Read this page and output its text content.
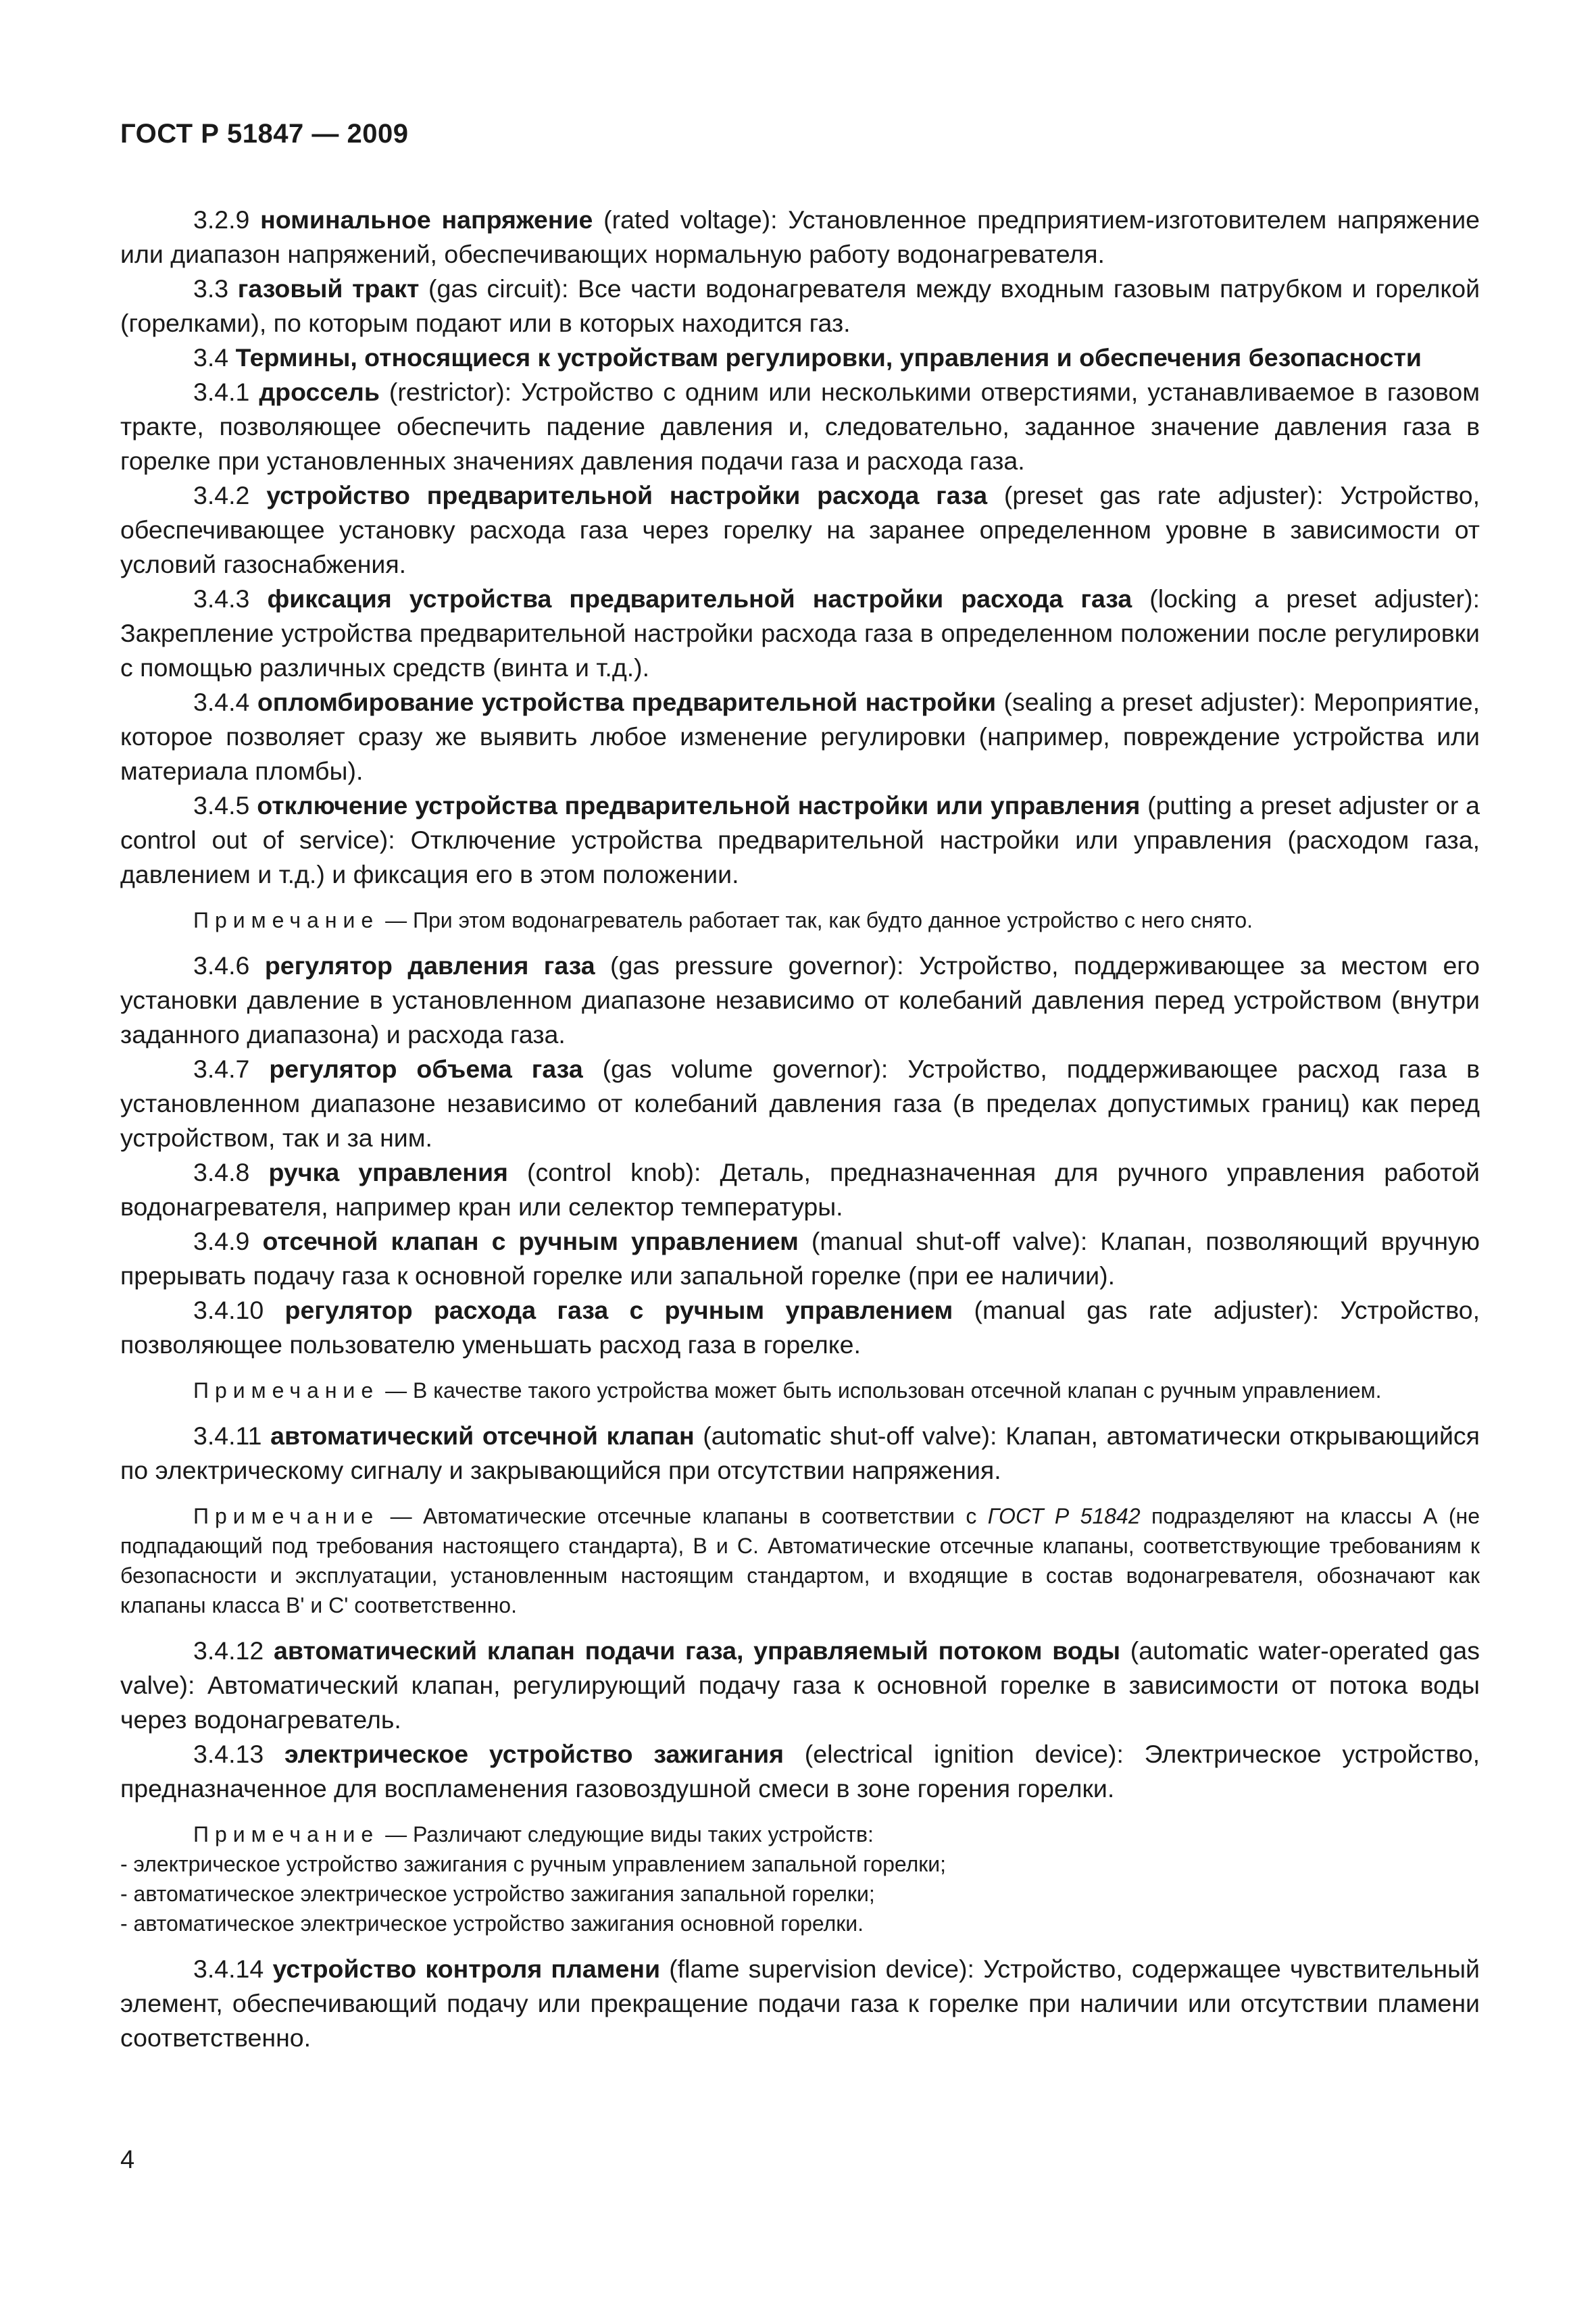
ГОСТ Р 51847 — 2009

3.2.9 номинальное напряжение (rated voltage): Установленное предприятием-изготовителем напряжение или диапазон напряжений, обеспечивающих нормальную работу водонагревателя.

3.3 газовый тракт (gas circuit): Все части водонагревателя между входным газовым патрубком и горелкой (горелками), по которым подают или в которых находится газ.

3.4 Термины, относящиеся к устройствам регулировки, управления и обеспечения безопасности

3.4.1 дроссель (restrictor): Устройство с одним или несколькими отверстиями, устанавливаемое в газовом тракте, позволяющее обеспечить падение давления и, следовательно, заданное значение давления газа в горелке при установленных значениях давления подачи газа и расхода газа.

3.4.2 устройство предварительной настройки расхода газа (preset gas rate adjuster): Устройство, обеспечивающее установку расхода газа через горелку на заранее определенном уровне в зависимости от условий газоснабжения.

3.4.3 фиксация устройства предварительной настройки расхода газа (locking a preset adjuster): Закрепление устройства предварительной настройки расхода газа в определенном положении после регулировки с помощью различных средств (винта и т.д.).

3.4.4 опломбирование устройства предварительной настройки (sealing a preset adjuster): Мероприятие, которое позволяет сразу же выявить любое изменение регулировки (например, повреждение устройства или материала пломбы).

3.4.5 отключение устройства предварительной настройки или управления (putting a preset adjuster or a control out of service): Отключение устройства предварительной настройки или управления (расходом газа, давлением и т.д.) и фиксация его в этом положении.

Примечание — При этом водонагреватель работает так, как будто данное устройство с него снято.

3.4.6 регулятор давления газа (gas pressure governor): Устройство, поддерживающее за местом его установки давление в установленном диапазоне независимо от колебаний давления перед устройством (внутри заданного диапазона) и расхода газа.

3.4.7 регулятор объема газа (gas volume governor): Устройство, поддерживающее расход газа в установленном диапазоне независимо от колебаний давления газа (в пределах допустимых границ) как перед устройством, так и за ним.

3.4.8 ручка управления (control knob): Деталь, предназначенная для ручного управления работой водонагревателя, например кран или селектор температуры.

3.4.9 отсечной клапан с ручным управлением (manual shut-off valve): Клапан, позволяющий вручную прерывать подачу газа к основной горелке или запальной горелке (при ее наличии).

3.4.10 регулятор расхода газа с ручным управлением (manual gas rate adjuster): Устройство, позволяющее пользователю уменьшать расход газа в горелке.

Примечание — В качестве такого устройства может быть использован отсечной клапан с ручным управлением.

3.4.11 автоматический отсечной клапан (automatic shut-off valve): Клапан, автоматически открывающийся по электрическому сигналу и закрывающийся при отсутствии напряжения.

Примечание — Автоматические отсечные клапаны в соответствии с ГОСТ Р 51842 подразделяют на классы А (не подпадающий под требования настоящего стандарта), В и С. Автоматические отсечные клапаны, соответствующие требованиям к безопасности и эксплуатации, установленным настоящим стандартом, и входящие в состав водонагревателя, обозначают как клапаны класса В' и С' соответственно.

3.4.12 автоматический клапан подачи газа, управляемый потоком воды (automatic water-operated gas valve): Автоматический клапан, регулирующий подачу газа к основной горелке в зависимости от потока воды через водонагреватель.

3.4.13 электрическое устройство зажигания (electrical ignition device): Электрическое устройство, предназначенное для воспламенения газовоздушной смеси в зоне горения горелки.

Примечание — Различают следующие виды таких устройств:

- электрическое устройство зажигания с ручным управлением запальной горелки;
- автоматическое электрическое устройство зажигания запальной горелки;
- автоматическое электрическое устройство зажигания основной горелки.

3.4.14 устройство контроля пламени (flame supervision device): Устройство, содержащее чувствительный элемент, обеспечивающий подачу или прекращение подачи газа к горелке при наличии или отсутствии пламени соответственно.

4
